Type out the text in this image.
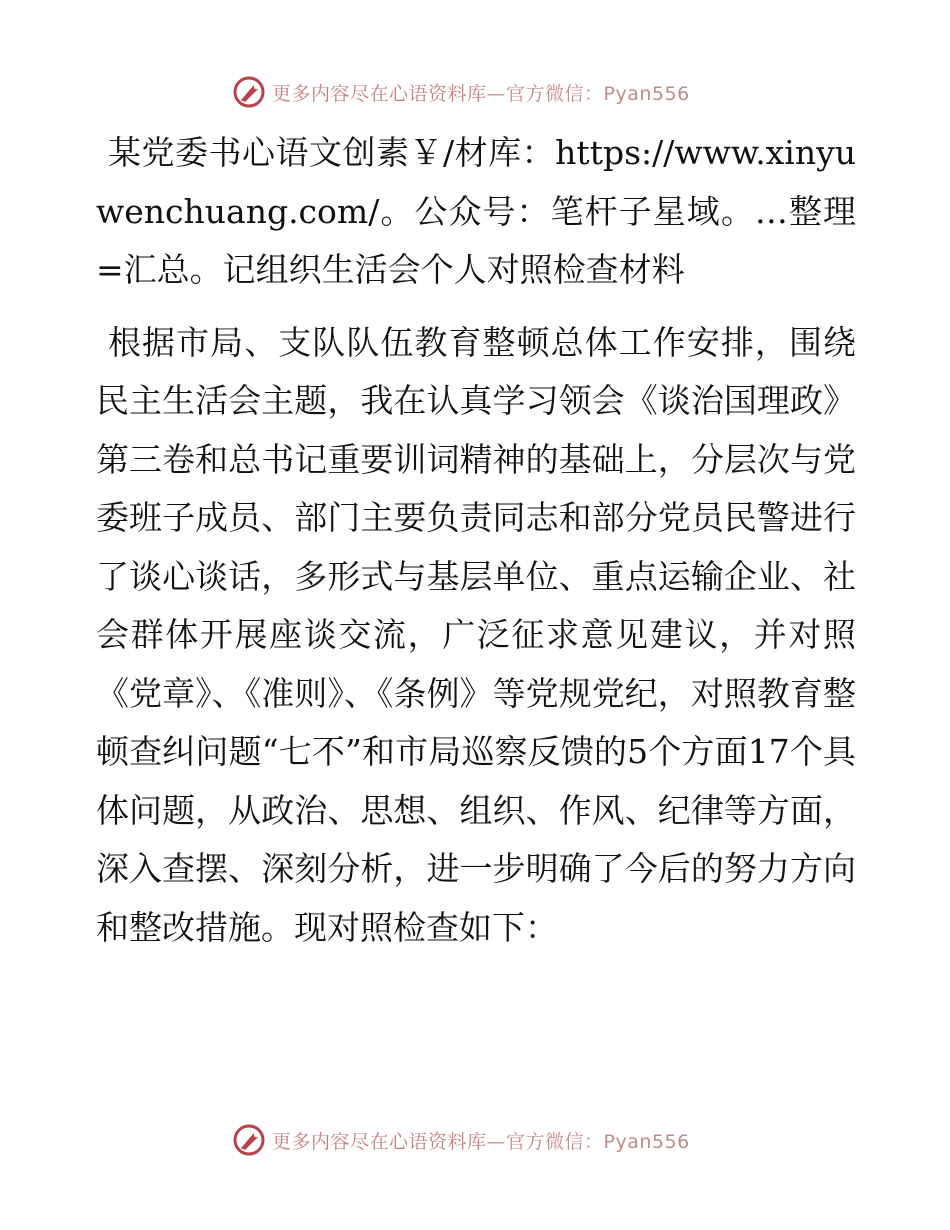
更多内容尽在心语资料库—官方微信：Pyan556

某党委书心语文创素￥/材库：https://www.xinyuwenchuang.com/。公众号：笔杆子星域。…整理=汇总。记组织生活会个人对照检查材料

根据市局、支队队伍教育整顿总体工作安排，围绕民主生活会主题，我在认真学习领会《谈治国理政》第三卷和总书记重要训词精神的基础上，分层次与党委班子成员、部门主要负责同志和部分党员民警进行了谈心谈话，多形式与基层单位、重点运输企业、社会群体开展座谈交流，广泛征求意见建议，并对照《党章》、《准则》、《条例》等党规党纪，对照教育整顿查纠问题“七不”和市局巡察反馈的5个方面17个具体问题，从政治、思想、组织、作风、纪律等方面，深入查摆、深刻分析，进一步明确了今后的努力方向和整改措施。现对照检查如下：

更多内容尽在心语资料库—官方微信：Pyan556
